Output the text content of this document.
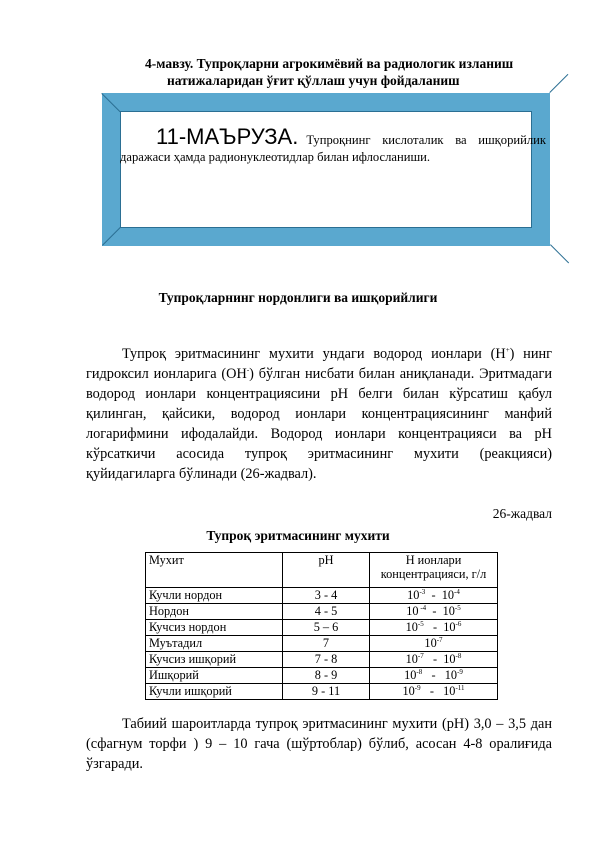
4-мавзу. Тупроқларни агрокимёвий ва радиологик изланиш
натижаларидан ўғит қўллаш учун фойдаланиш
11-МАЪРУЗА. Тупроқнинг кислоталик ва ишқорийлик даражаси ҳамда радионуклеотидлар билан ифлосланиши.
Тупроқларнинг нордонлиги ва ишқорийлиги

Тупроқ эритмасининг мухити ундаги водород ионлари (H+) нинг гидроксил ионларига (OH-) бўлган нисбати билан аниқланади. Эритмадаги водород ионлари концентрациясини pH белги билан кўрсатиш қабул қилинган, қайсики, водород ионлари концентрациясининг манфий логарифмини ифодалайди. Водород ионлари концентрацияси ва pH кўрсаткичи асосида тупроқ эритмасининг мухити (реакцияси) қуйидагиларга бўлинади (26-жадвал).

26-жадвал
Тупроқ эритмасининг мухити
Мухит	pH	H ионлари концентрацияси, г/л
Кучли нордон	3 - 4	$10^{-3} - 10^{-4}$
Нордон	4 - 5	10 $^{-4} - 10^{-5}$
Кучсиз нордон	5 – 6	$10^{-5} - 10^{-6}$
Муътадил	7	$10^{-7}$
Кучсиз ишқорий	7 - 8	$10^{-7} - 10^{-8}$
Ишқорий	8 - 9	$10^{-8} - 10^{-9}$
Кучли ишқорий	9 - 11	$10^{-9} - 10^{-11}$

Табиий шароитларда тупроқ эритмасининг мухити (pH) 3,0 – 3,5 дан (сфагнум торфи ) 9 – 10 гача (шўртоблар) бўлиб, асосан 4-8 оралиғида ўзгаради.
